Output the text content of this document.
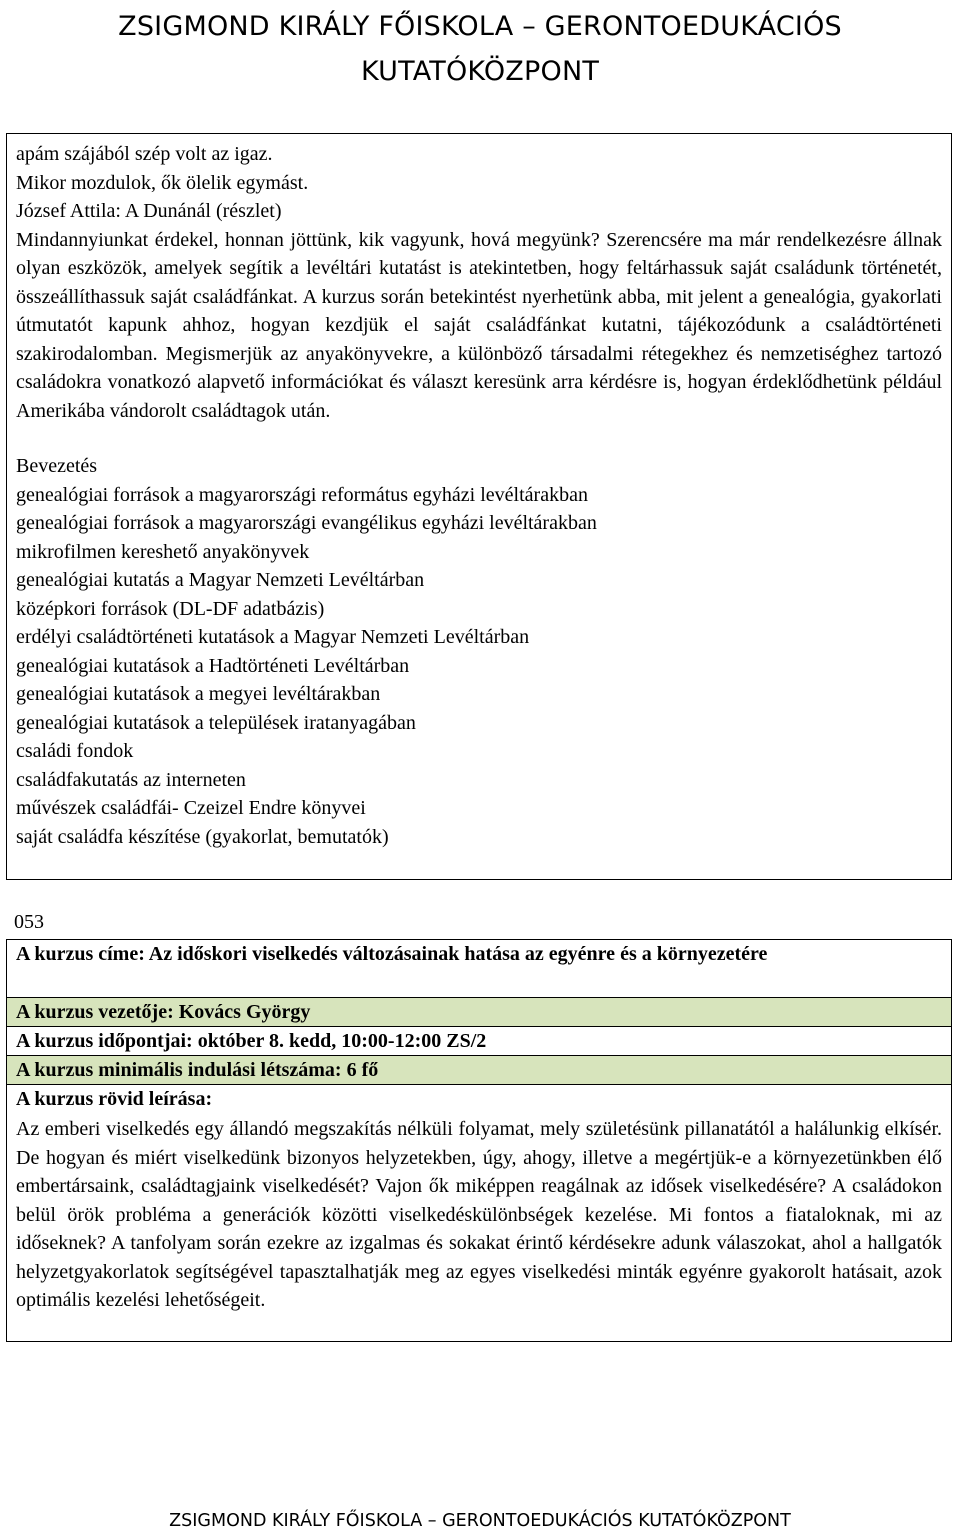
ZSIGMOND KIRÁLY FŐISKOLA – GERONTOEDUKÁCIÓS
KUTATÓKÖZPONT
apám szájából szép volt az igaz.
Mikor mozdulok, ők ölelik egymást.
József Attila: A Dunánál (részlet)
Mindannyiunkat érdekel, honnan jöttünk, kik vagyunk, hová megyünk? Szerencsére ma már rendelkezésre állnak olyan eszközök, amelyek segítik a levéltári kutatást is atekintetben, hogy feltárhassuk saját családunk történetét, összeállíthassuk saját családfánkat. A kurzus során betekintést nyerhetünk abba, mit jelent a genealógia, gyakorlati útmutatót kapunk ahhoz, hogyan kezdjük el saját családfánkat kutatni, tájékozódunk a családtörténeti szakirodalomban. Megismerjük az anyakönyvekre, a különböző társadalmi rétegekhez és nemzetiséghez tartozó családokra vonatkozó alapvető információkat és választ keresünk arra kérdésre is, hogyan érdeklődhetünk például Amerikába vándorolt családtagok után.
Bevezetés
genealógiai források a magyarországi református egyházi levéltárakban
genealógiai források a magyarországi evangélikus egyházi levéltárakban
mikrofilmen kereshető anyakönyvek
genealógiai kutatás a Magyar Nemzeti Levéltárban
középkori források (DL-DF adatbázis)
erdélyi családtörténeti kutatások a Magyar Nemzeti Levéltárban
genealógiai kutatások a Hadtörténeti Levéltárban
genealógiai kutatások a megyei levéltárakban
genealógiai kutatások a települések iratanyagában
családi fondok
családfakutatás az interneten
művészek családfái- Czeizel Endre könyvei
saját családfa készítése (gyakorlat, bemutatók)
053
A kurzus címe: Az időskori viselkedés változásainak hatása az egyénre és a környezetére
A kurzus vezetője: Kovács György
A kurzus időpontjai: október 8. kedd, 10:00-12:00 ZS/2
A kurzus minimális indulási létszáma: 6 fő
A kurzus rövid leírása:
Az emberi viselkedés egy állandó megszakítás nélküli folyamat, mely születésünk pillanatától a halálunkig elkísér. De hogyan és miért viselkedünk bizonyos helyzetekben, úgy, ahogy, illetve a megértjük-e a környezetünkben élő embertársaink, családtagjaink viselkedését? Vajon ők miképpen reagálnak az idősek viselkedésére? A családokon belül örök probléma a generációk közötti viselkedéskülönbségek kezelése. Mi fontos a fiataloknak, mi az időseknek? A tanfolyam során ezekre az izgalmas és sokakat érintő kérdésekre adunk válaszokat, ahol a hallgatók helyzetgyakorlatok segítségével tapasztalhatják meg az egyes viselkedési minták egyénre gyakorolt hatásait, azok optimális kezelési lehetőségeit.
ZSIGMOND KIRÁLY FŐISKOLA – GERONTOEDUKÁCIÓS KUTATÓKÖZPONT
